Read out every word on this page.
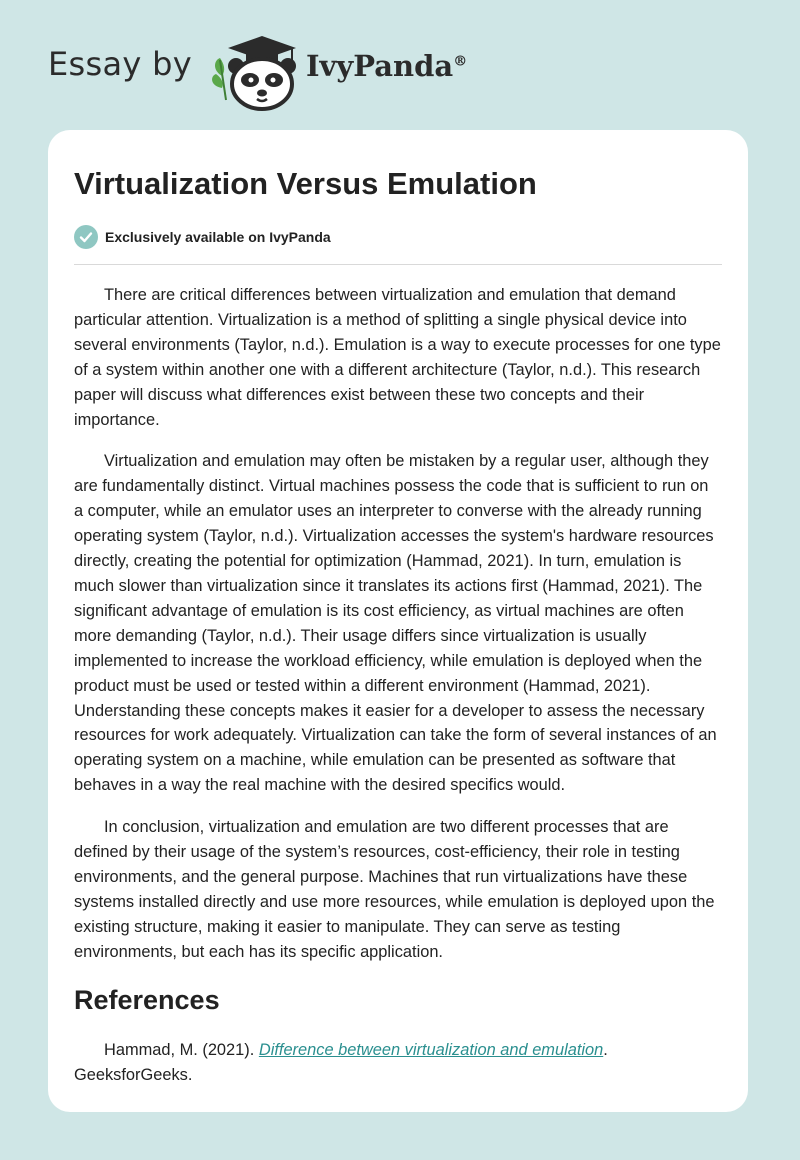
Essay by	IvyPanda®
Virtualization Versus Emulation
Exclusively available on IvyPanda

There are critical differences between virtualization and emulation that demand particular attention. Virtualization is a method of splitting a single physical device into several environments (Taylor, n.d.). Emulation is a way to execute processes for one type of a system within another one with a different architecture (Taylor, n.d.). This research paper will discuss what differences exist between these two concepts and their importance.

Virtualization and emulation may often be mistaken by a regular user, although they are fundamentally distinct. Virtual machines possess the code that is sufficient to run on a computer, while an emulator uses an interpreter to converse with the already running operating system (Taylor, n.d.). Virtualization accesses the system's hardware resources directly, creating the potential for optimization (Hammad, 2021). In turn, emulation is much slower than virtualization since it translates its actions first (Hammad, 2021). The significant advantage of emulation is its cost efficiency, as virtual machines are often more demanding (Taylor, n.d.). Their usage differs since virtualization is usually implemented to increase the workload efficiency, while emulation is deployed when the product must be used or tested within a different environment (Hammad, 2021). Understanding these concepts makes it easier for a developer to assess the necessary resources for work adequately. Virtualization can take the form of several instances of an operating system on a machine, while emulation can be presented as software that behaves in a way the real machine with the desired specifics would.

In conclusion, virtualization and emulation are two different processes that are defined by their usage of the system’s resources, cost-efficiency, their role in testing environments, and the general purpose. Machines that run virtualizations have these systems installed directly and use more resources, while emulation is deployed upon the existing structure, making it easier to manipulate. They can serve as testing environments, but each has its specific application.

References

Hammad, M. (2021). Difference between virtualization and emulation. GeeksforGeeks.
